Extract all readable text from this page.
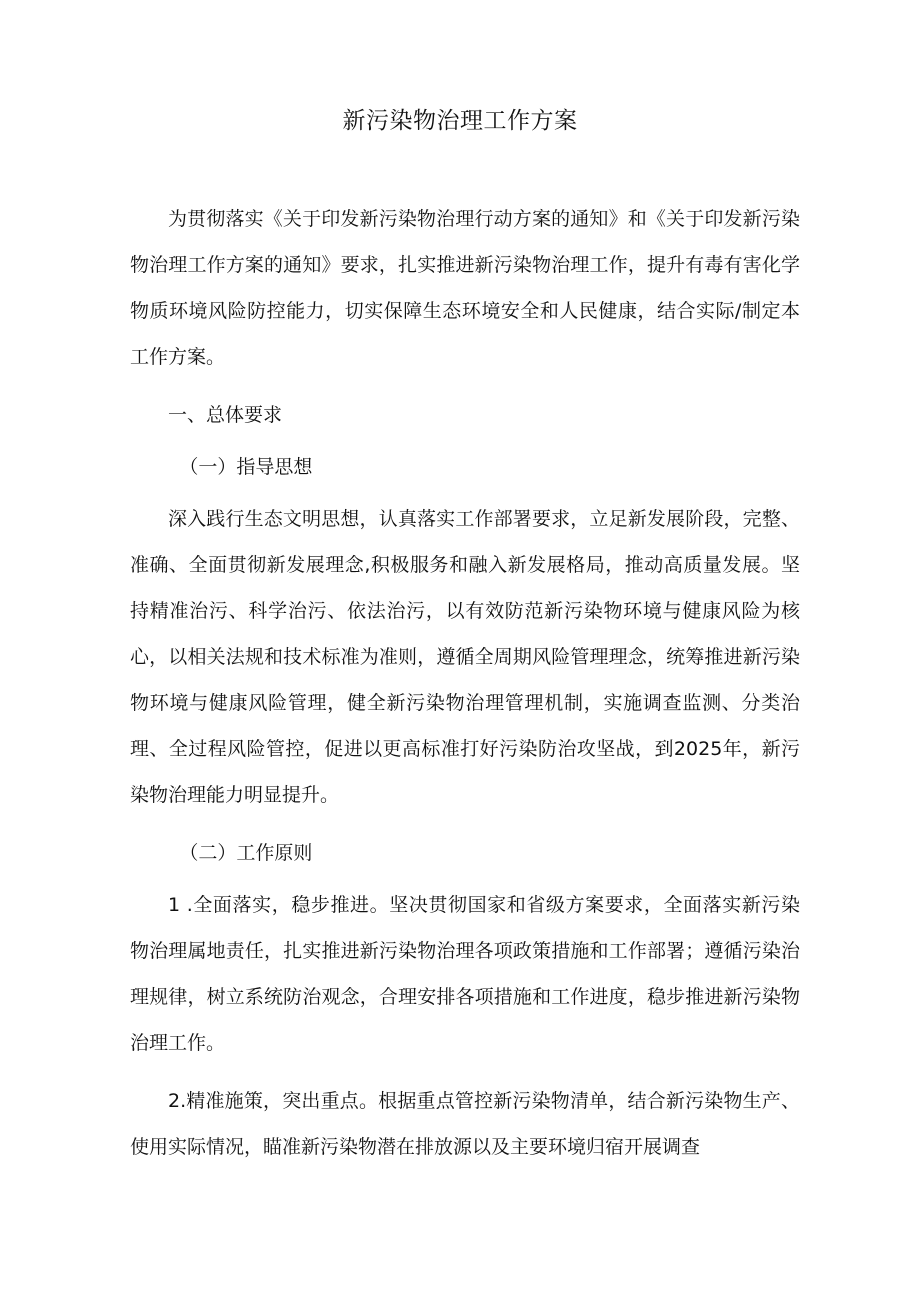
新污染物治理工作方案

为贯彻落实《关于印发新污染物治理行动方案的通知》和《关于印发新污染物治理工作方案的通知》要求，扎实推进新污染物治理工作，提升有毒有害化学物质环境风险防控能力，切实保障生态环境安全和人民健康，结合实际/制定本工作方案。

一、总体要求

（一）指导思想

深入践行生态文明思想，认真落实工作部署要求，立足新发展阶段，完整、准确、全面贯彻新发展理念,积极服务和融入新发展格局，推动高质量发展。坚持精准治污、科学治污、依法治污，以有效防范新污染物环境与健康风险为核心，以相关法规和技术标准为准则，遵循全周期风险管理理念，统筹推进新污染物环境与健康风险管理，健全新污染物治理管理机制，实施调查监测、分类治理、全过程风险管控，促进以更高标准打好污染防治攻坚战，到2025年，新污染物治理能力明显提升。

（二）工作原则

1 .全面落实，稳步推进。坚决贯彻国家和省级方案要求，全面落实新污染物治理属地责任，扎实推进新污染物治理各项政策措施和工作部署；遵循污染治理规律，树立系统防治观念，合理安排各项措施和工作进度，稳步推进新污染物治理工作。

2.精准施策，突出重点。根据重点管控新污染物清单，结合新污染物生产、使用实际情况，瞄准新污染物潜在排放源以及主要环境归宿开展调查
